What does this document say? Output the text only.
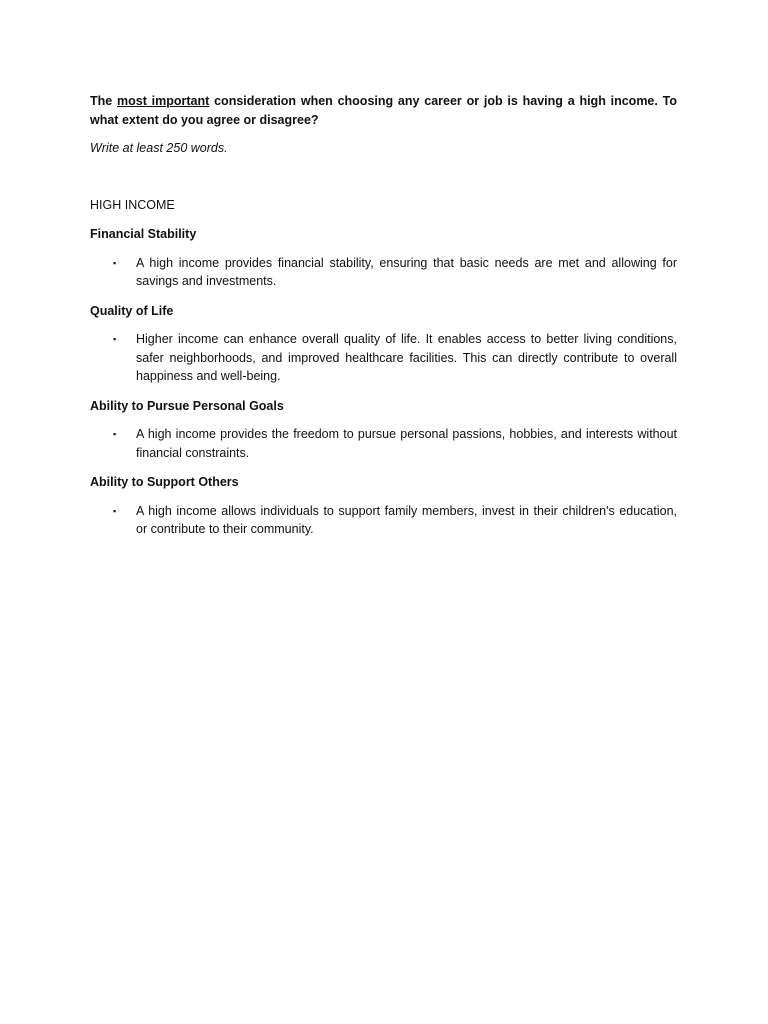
The most important consideration when choosing any career or job is having a high income. To what extent do you agree or disagree?

Write at least 250 words.

HIGH INCOME

Financial Stability

▪ A high income provides financial stability, ensuring that basic needs are met and allowing for savings and investments.

Quality of Life

▪ Higher income can enhance overall quality of life. It enables access to better living conditions, safer neighborhoods, and improved healthcare facilities. This can directly contribute to overall happiness and well-being.

Ability to Pursue Personal Goals

▪ A high income provides the freedom to pursue personal passions, hobbies, and interests without financial constraints.

Ability to Support Others

▪ A high income allows individuals to support family members, invest in their children's education, or contribute to their community.
